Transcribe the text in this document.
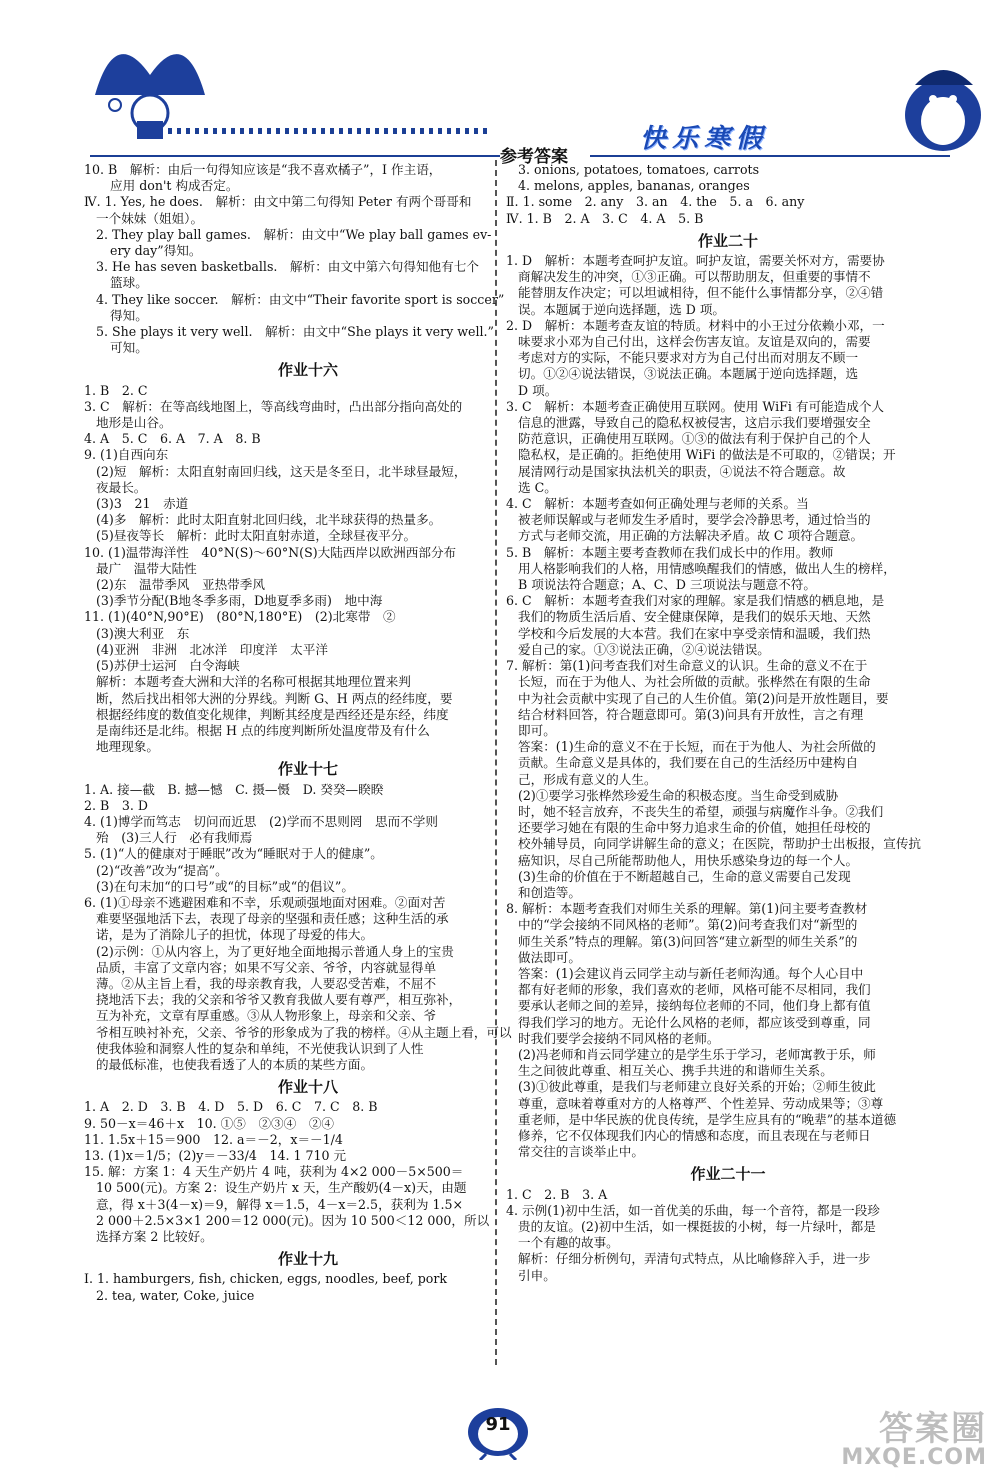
参考答案
快乐寒假

10. B　解析：由后一句得知应该是“我不喜欢橘子”，I 作主语，

应用 don't 构成否定。

Ⅳ. 1. Yes, he does.　解析：由文中第二句得知 Peter 有两个哥哥和

一个妹妹（姐姐）。

2. They play ball games.　解析：由文中“We play ball games ev-

ery day”得知。

3. He has seven basketballs.　解析：由文中第六句得知他有七个

篮球。

4. They like soccer.　解析：由文中“Their favorite sport is soccer”

得知。

5. She plays it very well.　解析：由文中“She plays it very well.”

可知。

作业十六

1. B　2. C

3. C　解析：在等高线地图上，等高线弯曲时，凸出部分指向高处的

地形是山谷。

4. A　5. C　6. A　7. A　8. B

9. (1)自西向东

(2)短　解析：太阳直射南回归线，这天是冬至日，北半球昼最短，

夜最长。

(3)3　21　赤道

(4)多　解析：此时太阳直射北回归线，北半球获得的热量多。

(5)昼夜等长　解析：此时太阳直射赤道，全球昼夜平分。

10. (1)温带海洋性　40°N(S)～60°N(S)大陆西岸以欧洲西部分布

最广　温带大陆性

(2)东　温带季风　亚热带季风

(3)季节分配(B地冬季多雨，D地夏季多雨)　地中海

11. (1)(40°N,90°E)　(80°N,180°E)　(2)北寒带　②

(3)澳大利亚　东

(4)亚洲　非洲　北冰洋　印度洋　太平洋

(5)苏伊士运河　白令海峡

解析：本题考查大洲和大洋的名称可根据其地理位置来判

断，然后找出相邻大洲的分界线。判断 G、H 两点的经纬度，要

根据经纬度的数值变化规律，判断其经度是西经还是东经，纬度

是南纬还是北纬。根据 H 点的纬度判断所处温度带及有什么

地理现象。

作业十七

1. A. 接—截　B. 撼—憾　C. 摄—慑　D. 癸癸—睽睽

2. B　3. D

4. (1)博学而笃志　切问而近思　(2)学而不思则罔　思而不学则

殆　(3)三人行　必有我师焉

5. (1)“人的健康对于睡眠”改为“睡眠对于人的健康”。

(2)“改善”改为“提高”。

(3)在句末加“的口号”或“的目标”或“的倡议”。

6. (1)①母亲不逃避困难和不幸，乐观顽强地面对困难。②面对苦

难要坚强地活下去，表现了母亲的坚强和责任感；这种生活的承

诺，是为了消除儿子的担忧，体现了母爱的伟大。

(2)示例：①从内容上，为了更好地全面地揭示普通人身上的宝贵

品质，丰富了文章内容；如果不写父亲、爷爷，内容就显得单

薄。②从主旨上看，我的母亲教育我，人要忍受苦难，不屈不

挠地活下去；我的父亲和爷爷又教育我做人要有尊严，相互弥补，

互为补充，文章有厚重感。③从人物形象上，母亲和父亲、爷

爷相互映衬补充，父亲、爷爷的形象成为了我的榜样。④从主题上看，可以

使我体验和洞察人性的复杂和单纯，不光使我认识到了人性

的最低标准，也使我看透了人的本质的某些方面。

作业十八

1. A　2. D　3. B　4. D　5. D　6. C　7. C　8. B

9. 50－x＝46＋x　10. ①⑤　②③④　②④

11. 1.5x＋15＝900　12. a＝－2，x＝－1/4

13. (1)x＝1/5；(2)y＝－33/4　14. 1 710 元

15. 解：方案 1：4 天生产奶片 4 吨，获利为 4×2 000－5×500＝

10 500(元)。方案 2：设生产奶片 x 天，生产酸奶(4－x)天，由题

意，得 x＋3(4－x)＝9，解得 x＝1.5，4－x＝2.5，获利为 1.5×

2 000＋2.5×3×1 200＝12 000(元)。因为 10 500＜12 000，所以

选择方案 2 比较好。

作业十九

Ⅰ. 1. hamburgers, fish, chicken, eggs, noodles, beef, pork

2. tea, water, Coke, juice

3. onions, potatoes, tomatoes, carrots

4. melons, apples, bananas, oranges

Ⅱ. 1. some　2. any　3. an　4. the　5. a　6. any

Ⅳ. 1. B　2. A　3. C　4. A　5. B

作业二十

1. D　解析：本题考查呵护友谊。呵护友谊，需要关怀对方，需要协

商解决发生的冲突，①③正确。可以帮助朋友，但重要的事情不

能替朋友作决定；可以坦诚相待，但不能什么事情都分享，②④错

误。本题属于逆向选择题，选 D 项。

2. D　解析：本题考查友谊的特质。材料中的小王过分依赖小邓，一

味要求小邓为自己付出，这样会伤害友谊。友谊是双向的，需要

考虑对方的实际，不能只要求对方为自己付出而对朋友不顾一

切。①②④说法错误，③说法正确。本题属于逆向选择题，选

D 项。

3. C　解析：本题考查正确使用互联网。使用 WiFi 有可能造成个人

信息的泄露，导致自己的隐私权被侵害，这启示我们要增强安全

防范意识，正确使用互联网。①③的做法有利于保护自己的个人

隐私权，是正确的。拒绝使用 WiFi 的做法是不可取的，②错误；开

展清网行动是国家执法机关的职责，④说法不符合题意。故

选 C。

4. C　解析：本题考查如何正确处理与老师的关系。当

被老师误解或与老师发生矛盾时，要学会冷静思考，通过恰当的

方式与老师交流，用正确的方法解决矛盾。故 C 项符合题意。

5. B　解析：本题主要考查教师在我们成长中的作用。教师

用人格影响我们的人格，用情感唤醒我们的情感，做出人生的榜样，

B 项说法符合题意；A、C、D 三项说法与题意不符。

6. C　解析：本题考查我们对家的理解。家是我们情感的栖息地，是

我们的物质生活后盾、安全健康保障，是我们的娱乐天地、天然

学校和今后发展的大本营。我们在家中享受亲情和温暖，我们热

爱自己的家。①③说法正确，②④说法错误。

7. 解析：第(1)问考查我们对生命意义的认识。生命的意义不在于

长短，而在于为他人、为社会所做的贡献。张桦然在有限的生命

中为社会贡献中实现了自己的人生价值。第(2)问是开放性题目，要

结合材料回答，符合题意即可。第(3)问具有开放性，言之有理

即可。

答案：(1)生命的意义不在于长短，而在于为他人、为社会所做的

贡献。生命意义是具体的，我们要在自己的生活经历中建构自

己，形成有意义的人生。

(2)①要学习张桦然珍爱生命的积极态度。当生命受到威胁

时，她不轻言放弃，不丧失生的希望，顽强与病魔作斗争。②我们

还要学习她在有限的生命中努力追求生命的价值，她担任母校的

校外辅导员，向同学讲解生命的意义；在医院，帮助护士出板报，宣传抗

癌知识，尽自己所能帮助他人，用快乐感染身边的每一个人。

(3)生命的价值在于不断超越自己，生命的意义需要自己发现

和创造等。

8. 解析：本题考查我们对师生关系的理解。第(1)问主要考查教材

中的“学会接纳不同风格的老师”。第(2)问考查我们对“新型的

师生关系”特点的理解。第(3)问回答“建立新型的师生关系”的

做法即可。

答案：(1)会建议肖云同学主动与新任老师沟通。每个人心目中

都有好老师的形象，我们喜欢的老师，风格可能不尽相同，我们

要承认老师之间的差异，接纳每位老师的不同，他们身上都有值

得我们学习的地方。无论什么风格的老师，都应该受到尊重，同

时我们要学会接纳不同风格的老师。

(2)冯老师和肖云同学建立的是学生乐于学习，老师寓教于乐，师

生之间彼此尊重、相互关心、携手共进的和谐师生关系。

(3)①彼此尊重，是我们与老师建立良好关系的开始；②师生彼此

尊重，意味着尊重对方的人格尊严、个性差异、劳动成果等；③尊

重老师，是中华民族的优良传统，是学生应具有的“晚辈”的基本道德

修养，它不仅体现我们内心的情感和态度，而且表现在与老师日

常交往的言谈举止中。

作业二十一

1. C　2. B　3. A

4. 示例(1)初中生活，如一首优美的乐曲，每一个音符，都是一段珍

贵的友谊。(2)初中生活，如一棵挺拔的小树，每一片绿叶，都是

一个有趣的故事。

解析：仔细分析例句，弄清句式特点，从比喻修辞入手，进一步

引申。

91	答案圈
MXQE.COM
